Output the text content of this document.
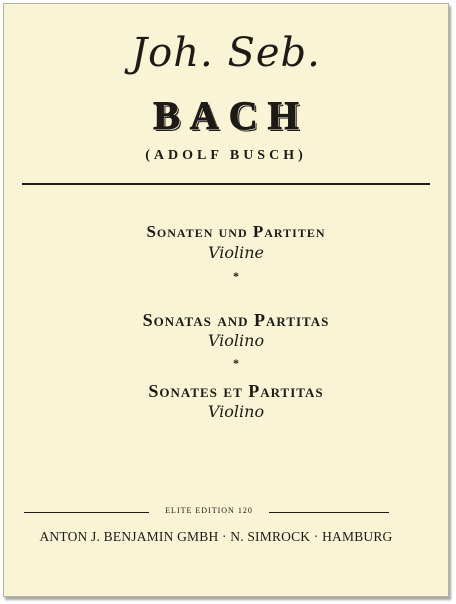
Joh. Seb.
BACH
(ADOLF BUSCH)
Sonaten und Partiten
Violine
*
Sonatas and Partitas
Violino
*
Sonates et Partitas
Violino
ELITE EDITION 120
ANTON J. BENJAMIN GMBH · N. SIMROCK · HAMBURG
